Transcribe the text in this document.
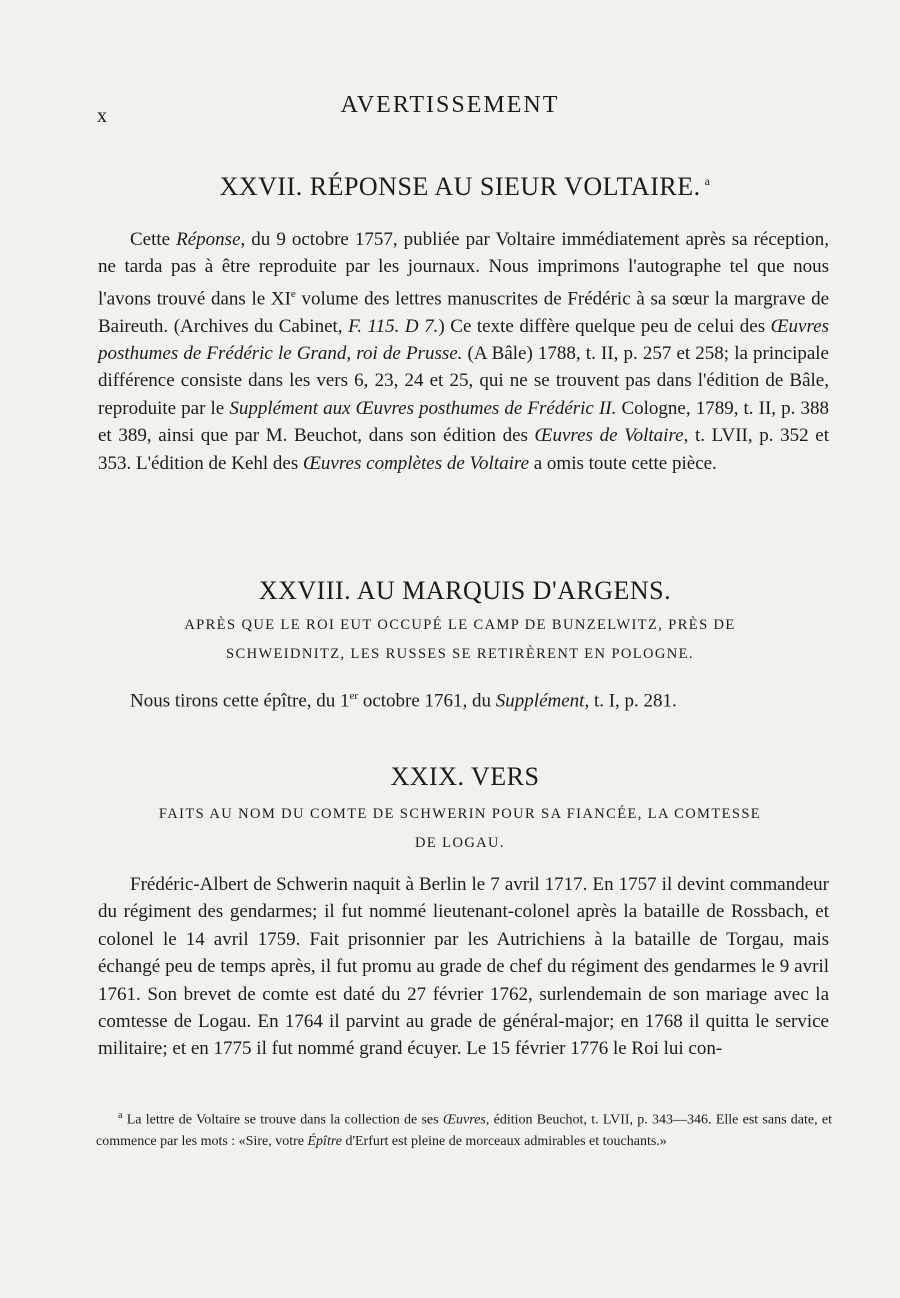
x	AVERTISSEMENT
XXVII. RÉPONSE AU SIEUR VOLTAIRE. $^a$

Cette Réponse, du 9 octobre 1757, publiée par Voltaire immédiatement après sa réception, ne tarda pas à être reproduite par les journaux. Nous imprimons l'autographe tel que nous l'avons trouvé dans le XIe volume des lettres manuscrites de Frédéric à sa sœur la margrave de Baireuth. (Archives du Cabinet, F. 115. D 7.) Ce texte diffère quelque peu de celui des Œuvres posthumes de Frédéric le Grand, roi de Prusse. (A Bâle) 1788, t. II, p. 257 et 258; la principale différence consiste dans les vers 6, 23, 24 et 25, qui ne se trouvent pas dans l'édition de Bâle, reproduite par le Supplément aux Œuvres posthumes de Frédéric II. Cologne, 1789, t. II, p. 388 et 389, ainsi que par M. Beuchot, dans son édition des Œuvres de Voltaire, t. LVII, p. 352 et 353. L'édition de Kehl des Œuvres complètes de Voltaire a omis toute cette pièce.

XXVIII. AU MARQUIS D'ARGENS.
APRÈS QUE LE ROI EUT OCCUPÉ LE CAMP DE BUNZELWITZ, PRÈS DE
SCHWEIDNITZ, LES RUSSES SE RETIRÈRENT EN POLOGNE.

Nous tirons cette épître, du 1er octobre 1761, du Supplément, t. I, p. 281.

XXIX. VERS
FAITS AU NOM DU COMTE DE SCHWERIN POUR SA FIANCÉE, LA COMTESSE
DE LOGAU.

Frédéric-Albert de Schwerin naquit à Berlin le 7 avril 1717. En 1757 il devint commandeur du régiment des gendarmes; il fut nommé lieutenant-colonel après la bataille de Rossbach, et colonel le 14 avril 1759. Fait prisonnier par les Autrichiens à la bataille de Torgau, mais échangé peu de temps après, il fut promu au grade de chef du régiment des gendarmes le 9 avril 1761. Son brevet de comte est daté du 27 février 1762, surlendemain de son mariage avec la comtesse de Logau. En 1764 il parvint au grade de général-major; en 1768 il quitta le service militaire; et en 1775 il fut nommé grand écuyer. Le 15 février 1776 le Roi lui con-

$^a$ La lettre de Voltaire se trouve dans la collection de ses Œuvres, édition Beuchot, t. LVII, p. 343—346. Elle est sans date, et commence par les mots : «Sire, votre Épître d'Erfurt est pleine de morceaux admirables et touchants.»
